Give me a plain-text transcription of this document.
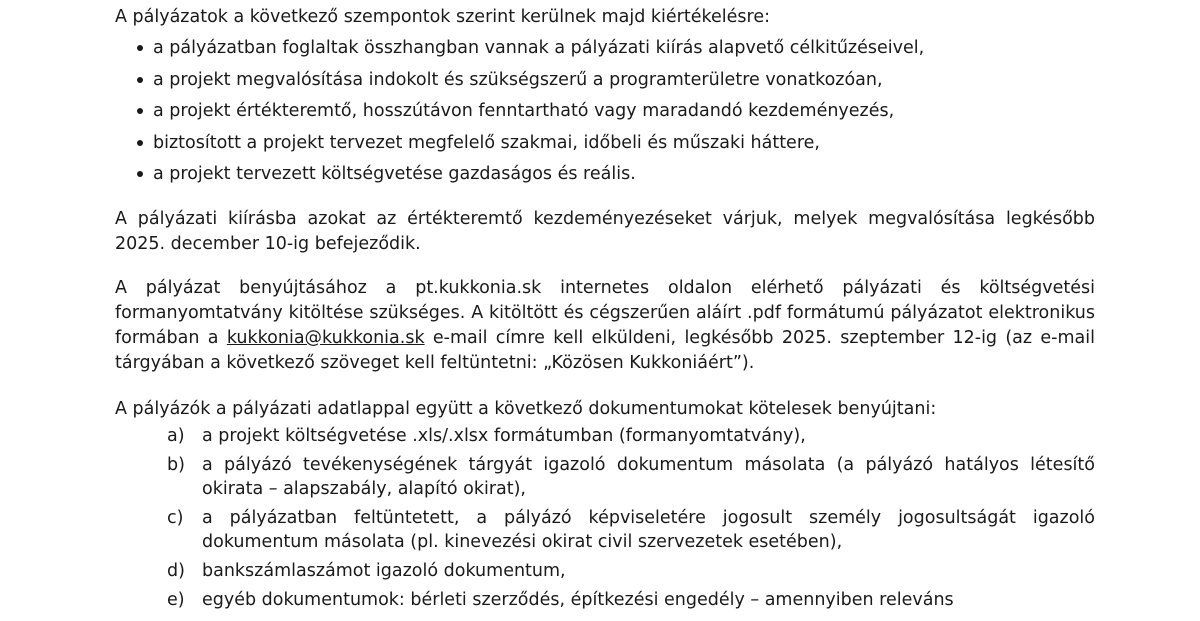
A pályázatok a következő szempontok szerint kerülnek majd kiértékelésre:

a pályázatban foglaltak összhangban vannak a pályázati kiírás alapvető célkitűzéseivel,
a projekt megvalósítása indokolt és szükségszerű a programterületre vonatkozóan,
a projekt értékteremtő, hosszútávon fenntartható vagy maradandó kezdeményezés,
biztosított a projekt tervezet megfelelő szakmai, időbeli és műszaki háttere,
a projekt tervezett költségvetése gazdaságos és reális.

A pályázati kiírásba azokat az értékteremtő kezdeményezéseket várjuk, melyek megvalósítása legkésőbb 2025. december 10-ig befejeződik.

A pályázat benyújtásához a pt.kukkonia.sk internetes oldalon elérhető pályázati és költségvetési formanyomtatvány kitöltése szükséges. A kitöltött és cégszerűen aláírt .pdf formátumú pályázatot elektronikus formában a kukkonia@kukkonia.sk e-mail címre kell elküldeni, legkésőbb 2025. szeptember 12-ig (az e-mail tárgyában a következő szöveget kell feltüntetni: „Közösen Kukkoniáért”).

A pályázók a pályázati adatlappal együtt a következő dokumentumokat kötelesek benyújtani:

a) a projekt költségvetése .xls/.xlsx formátumban (formanyomtatvány),
b) a pályázó tevékenységének tárgyát igazoló dokumentum másolata (a pályázó hatályos létesítő okirata – alapszabály, alapító okirat),
c) a pályázatban feltüntetett, a pályázó képviseletére jogosult személy jogosultságát igazoló dokumentum másolata (pl. kinevezési okirat civil szervezetek esetében),
d) bankszámlaszámot igazoló dokumentum,
e) egyéb dokumentumok: bérleti szerződés, építkezési engedély – amennyiben releváns
